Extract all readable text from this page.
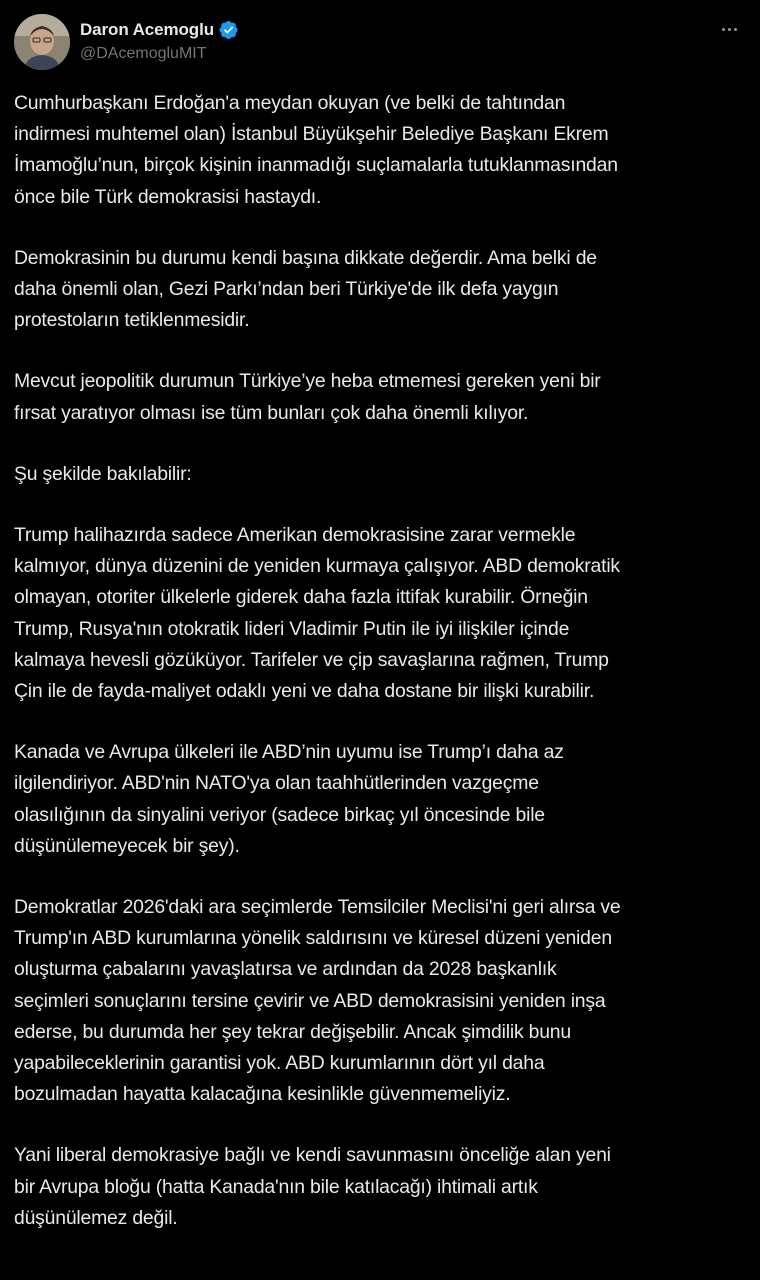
Daron Acemoglu
@DAcemogluMIT

Cumhurbaşkanı Erdoğan'a meydan okuyan (ve belki de tahtından
indirmesi muhtemel olan) İstanbul Büyükşehir Belediye Başkanı Ekrem
İmamoğlu’nun, birçok kişinin inanmadığı suçlamalarla tutuklanmasından
önce bile Türk demokrasisi hastaydı.

Demokrasinin bu durumu kendi başına dikkate değerdir. Ama belki de
daha önemli olan, Gezi Parkı’ndan beri Türkiye'de ilk defa yaygın
protestoların tetiklenmesidir.

Mevcut jeopolitik durumun Türkiye’ye heba etmemesi gereken yeni bir
fırsat yaratıyor olması ise tüm bunları çok daha önemli kılıyor.

Şu şekilde bakılabilir:

Trump halihazırda sadece Amerikan demokrasisine zarar vermekle
kalmıyor, dünya düzenini de yeniden kurmaya çalışıyor. ABD demokratik
olmayan, otoriter ülkelerle giderek daha fazla ittifak kurabilir. Örneğin
Trump, Rusya'nın otokratik lideri Vladimir Putin ile iyi ilişkiler içinde
kalmaya hevesli gözüküyor. Tarifeler ve çip savaşlarına rağmen, Trump
Çin ile de fayda-maliyet odaklı yeni ve daha dostane bir ilişki kurabilir.

Kanada ve Avrupa ülkeleri ile ABD’nin uyumu ise Trump’ı daha az
ilgilendiriyor. ABD'nin NATO'ya olan taahhütlerinden vazgeçme
olasılığının da sinyalini veriyor (sadece birkaç yıl öncesinde bile
düşünülemeyecek bir şey).

Demokratlar 2026'daki ara seçimlerde Temsilciler Meclisi'ni geri alırsa ve
Trump'ın ABD kurumlarına yönelik saldırısını ve küresel düzeni yeniden
oluşturma çabalarını yavaşlatırsa ve ardından da 2028 başkanlık
seçimleri sonuçlarını tersine çevirir ve ABD demokrasisini yeniden inşa
ederse, bu durumda her şey tekrar değişebilir. Ancak şimdilik bunu
yapabileceklerinin garantisi yok. ABD kurumlarının dört yıl daha
bozulmadan hayatta kalacağına kesinlikle güvenmemeliyiz.

Yani liberal demokrasiye bağlı ve kendi savunmasını önceliğe alan yeni
bir Avrupa bloğu (hatta Kanada'nın bile katılacağı) ihtimali artık
düşünülemez değil.
